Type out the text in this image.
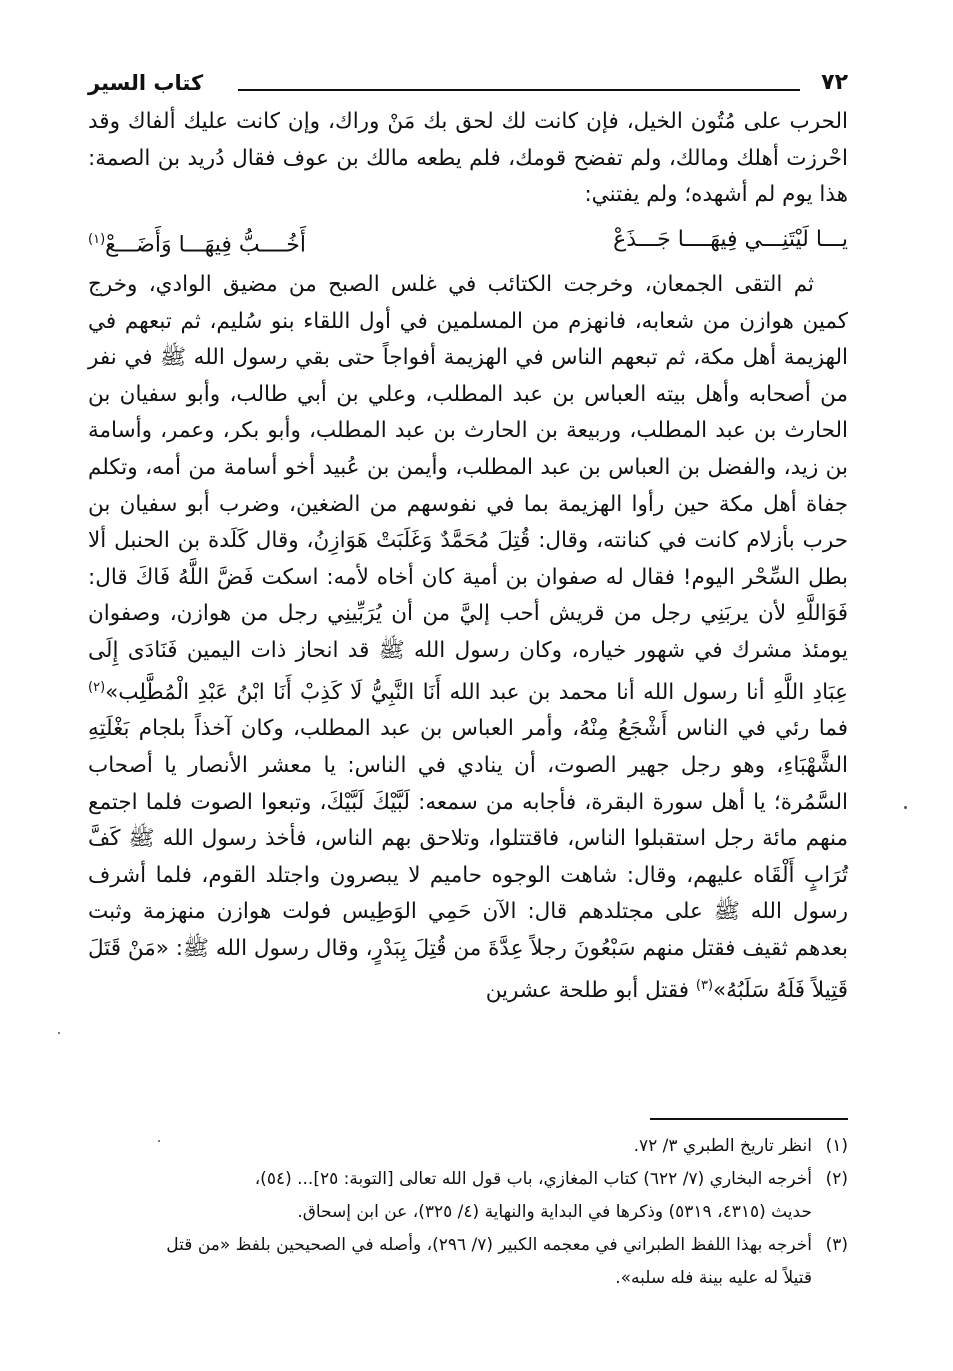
٧٢
كتاب السير

الحرب على مُتُون الخيل، فإن كانت لك لحق بك مَنْ وراك، وإن كانت عليك ألفاك وقد احْرزت أهلك ومالك، ولم تفضح قومك، فلم يطعه مالك بن عوف فقال دُريد بن الصمة: هذا يوم لم أشهده؛ ولم يفتني:

يـــا لَيْتَنِـــي فِيهَــــا جَـــذَعْ
أَخُــــبُّ فِيهَـــا وَأَضَـــعْ$^{(١)}$

ثم التقى الجمعان، وخرجت الكتائب في غلس الصبح من مضيق الوادي، وخرج كمين هوازن من شعابه، فانهزم من المسلمين في أول اللقاء بنو سُليم، ثم تبعهم في الهزيمة أهل مكة، ثم تبعهم الناس في الهزيمة أفواجاً حتى بقي رسول الله ﷺ في نفر من أصحابه وأهل بيته العباس بن عبد المطلب، وعلي بن أبي طالب، وأبو سفيان بن الحارث بن عبد المطلب، وربيعة بن الحارث بن عبد المطلب، وأبو بكر، وعمر، وأسامة بن زيد، والفضل بن العباس بن عبد المطلب، وأيمن بن عُبيد أخو أسامة من أمه، وتكلم جفاة أهل مكة حين رأوا الهزيمة بما في نفوسهم من الضغين، وضرب أبو سفيان بن حرب بأزلام كانت في كنانته، وقال: قُتِلَ مُحَمَّدٌ وَغَلَبَتْ هَوَازِنُ، وقال كَلَدة بن الحنبل ألا بطل السِّحْر اليوم! فقال له صفوان بن أمية كان أخاه لأمه: اسكت فَضَّ اللَّهُ فَاكَ قال: فَوَاللَّهِ لأن يربَنِي رجل من قريش أحب إليَّ من أن يُرَبِّينِي رجل من هوازن، وصفوان يومئذ مشرك في شهور خياره، وكان رسول الله ﷺ قد انحاز ذات اليمين فَنَادَى إِلَى عِبَادِ اللَّهِ أنا رسول الله أنا محمد بن عبد الله أَنَا النَّبِيُّ لَا كَذِبْ أَنَا ابْنُ عَبْدِ الْمُطَّلِب»$^{(٢)}$ فما رئي في الناس أَشْجَعُ مِنْهُ، وأمر العباس بن عبد المطلب، وكان آخذاً بلجام بَغْلَتِهِ الشَّهْبَاءِ، وهو رجل جهير الصوت، أن ينادي في الناس: يا معشر الأنصار يا أصحاب السَّمُرة؛ يا أهل سورة البقرة، فأجابه من سمعه: لَبَّيْكَ لَبَّيْكَ، وتبعوا الصوت فلما اجتمع منهم مائة رجل استقبلوا الناس، فاقتتلوا، وتلاحق بهم الناس، فأخذ رسول الله ﷺ كَفَّ تُرَابٍ أَلْقَاه عليهم، وقال: شاهت الوجوه حاميم لا يبصرون واجتلد القوم، فلما أشرف رسول الله ﷺ على مجتلدهم قال: الآن حَمِي الوَطِيس فولت هوازن منهزمة وثبت بعدهم ثقيف فقتل منهم سَبْعُونَ رجلاً عِدَّةَ من قُتِلَ بِبَدْرٍ، وقال رسول الله ﷺ: «مَنْ قَتَلَ قَتِيلاً فَلَهُ سَلَبُهُ»$^{(٣)}$ فقتل أبو طلحة عشرين

(١)انظر تاريخ الطبري ٣/ ٧٢.

(٢)أخرجه البخاري (٧/ ٦٢٢) كتاب المغازي، باب قول الله تعالى [التوبة: ٢٥]... (٥٤)،

حديث (٤٣١٥، ٥٣١٩) وذكرها في البداية والنهاية (٤/ ٣٢٥)، عن ابن إسحاق.

(٣)أخرجه بهذا اللفظ الطبراني في معجمه الكبير (٧/ ٢٩٦)، وأصله في الصحيحين بلفظ «من قتل

قتيلاً له عليه بينة فله سلبه».
